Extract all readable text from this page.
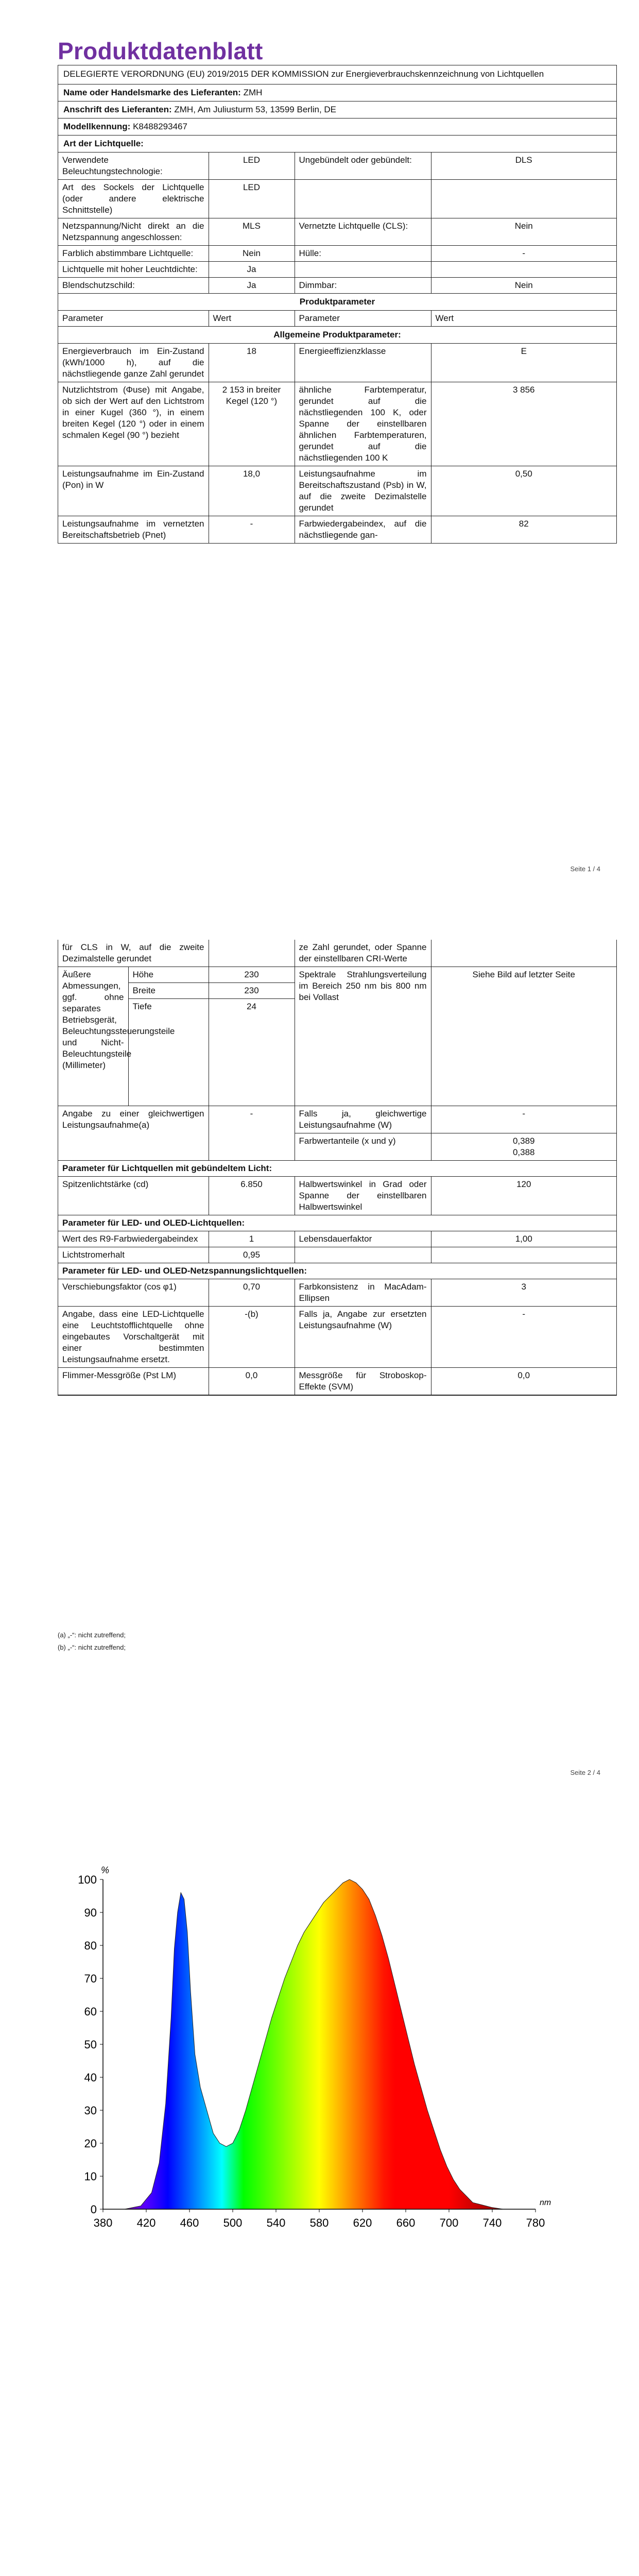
Produktdatenblatt
DELEGIERTE VERORDNUNG (EU) 2019/2015 DER KOMMISSION zur Energieverbrauchskennzeichnung von Lichtquellen
Name oder Handelsmarke des Lieferanten: ZMH
Anschrift des Lieferanten: ZMH, Am Juliusturm 53, 13599 Berlin, DE
Modellkennung: K8488293467
Art der Lichtquelle:
Verwendete Beleuchtungstechnologie:	LED	Ungebündelt oder gebündelt:	DLS
Art des Sockels der Lichtquelle (oder andere elektrische Schnittstelle)	LED		
Netzspannung/Nicht direkt an die Netzspannung angeschlossen:	MLS	Vernetzte Lichtquelle (CLS):	Nein
Farblich abstimmbare Lichtquelle:	Nein	Hülle:	-
Lichtquelle mit hoher Leuchtdichte:	Ja		
Blendschutzschild:	Ja	Dimmbar:	Nein
Produktparameter
Parameter	Wert	Parameter	Wert
Allgemeine Produktparameter:
Energieverbrauch im Ein-Zustand (kWh/1000 h), auf die nächstliegende ganze Zahl gerundet	18	Energieeffizienzklasse	E
Nutzlichtstrom (Φuse) mit Angabe, ob sich der Wert auf den Lichtstrom in einer Kugel (360 °), in einem breiten Kegel (120 °) oder in einem schmalen Kegel (90 °) bezieht	2 153 in breiter Kegel (120 °)	ähnliche Farbtemperatur, gerundet auf die nächstliegenden 100 K, oder Spanne der einstellbaren ähnlichen Farbtemperaturen, gerundet auf die nächstliegenden 100 K	3 856
Leistungsaufnahme im Ein-Zustand (Pon) in W	18,0	Leistungsaufnahme im Bereitschaftszustand (Psb) in W, auf die zweite Dezimalstelle gerundet	0,50
Leistungsaufnahme im vernetzten Bereitschaftsbetrieb (Pnet)	-	Farbwiedergabeindex, auf die nächstliegende gan-	82
Seite 1 / 4
für CLS in W, auf die zweite Dezimalstelle gerundet			ze Zahl gerundet, oder Spanne der einstellbaren CRI-Werte	
Äußere Abmessungen, ggf. ohne separates Betriebsgerät, Beleuchtungssteuerungsteile und Nicht-Beleuchtungsteile (Millimeter)	Höhe	230	Spektrale Strahlungsverteilung im Bereich 250 nm bis 800 nm bei Vollast	Siehe Bild auf letzter Seite
	Breite	230		
	Tiefe	24		
Angabe zu einer gleichwertigen Leistungsaufnahme(a)		-	Falls ja, gleichwertige Leistungsaufnahme (W)	-
			Farbwertanteile (x und y)	0,389
0,388

Parameter für Lichtquellen mit gebündeltem Licht:				
Spitzenlichtstärke (cd)		6.850	Halbwertswinkel in Grad oder Spanne der einstellbaren Halbwertswinkel	120
Parameter für LED- und OLED-Lichtquellen:				
Wert des R9-Farbwiedergabeindex		1	Lebensdauerfaktor	1,00
Lichtstromerhalt		0,95		
Parameter für LED- und OLED-Netzspannungslichtquellen:				
Verschiebungsfaktor (cos φ1)		0,70	Farbkonsistenz in MacAdam-Ellipsen	3
Angabe, dass eine LED-Lichtquelle eine Leuchtstofflichtquelle ohne eingebautes Vorschaltgerät mit einer bestimmten Leistungsaufnahme ersetzt.		-(b)	Falls ja, Angabe zur ersetzten Leistungsaufnahme (W)	-
Flimmer-Messgröße (Pst LM)		0,0	Messgröße für Stroboskop-Effekte (SVM)	0,0
(a) „-“: nicht zutreffend;
(b) „-“: nicht zutreffend;
Seite 2 / 4
0
10
20
30
40
50
60
70
80
90
100
380 420 460 500 540 580 620 660 700 740 780
%
nm
